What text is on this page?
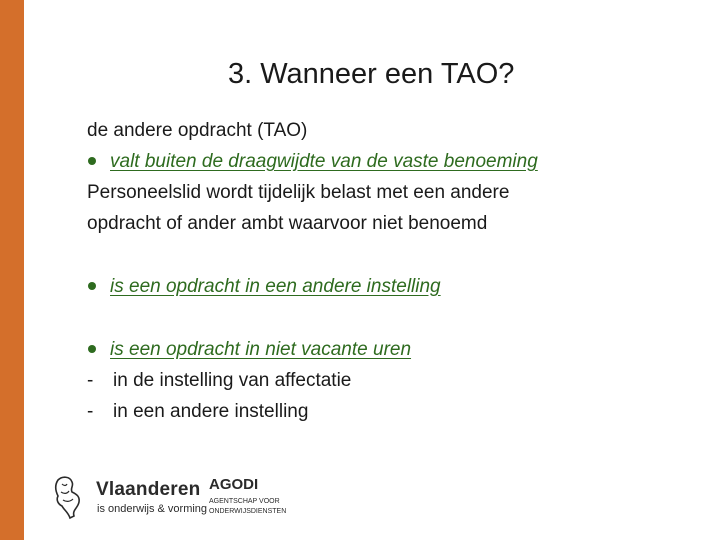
3. Wanneer een TAO?
de andere opdracht (TAO)
valt buiten de draagwijdte van de vaste benoeming
Personeelslid wordt tijdelijk belast met een andere
opdracht of ander ambt waarvoor niet benoemd
is een opdracht in een andere instelling
is een opdracht in niet vacante uren
- in de instelling van affectatie
- in een andere instelling
Vlaanderen
is onderwijs & vorming
AGODI
AGENTSCHAP VOOR
ONDERWIJSDIENSTEN
